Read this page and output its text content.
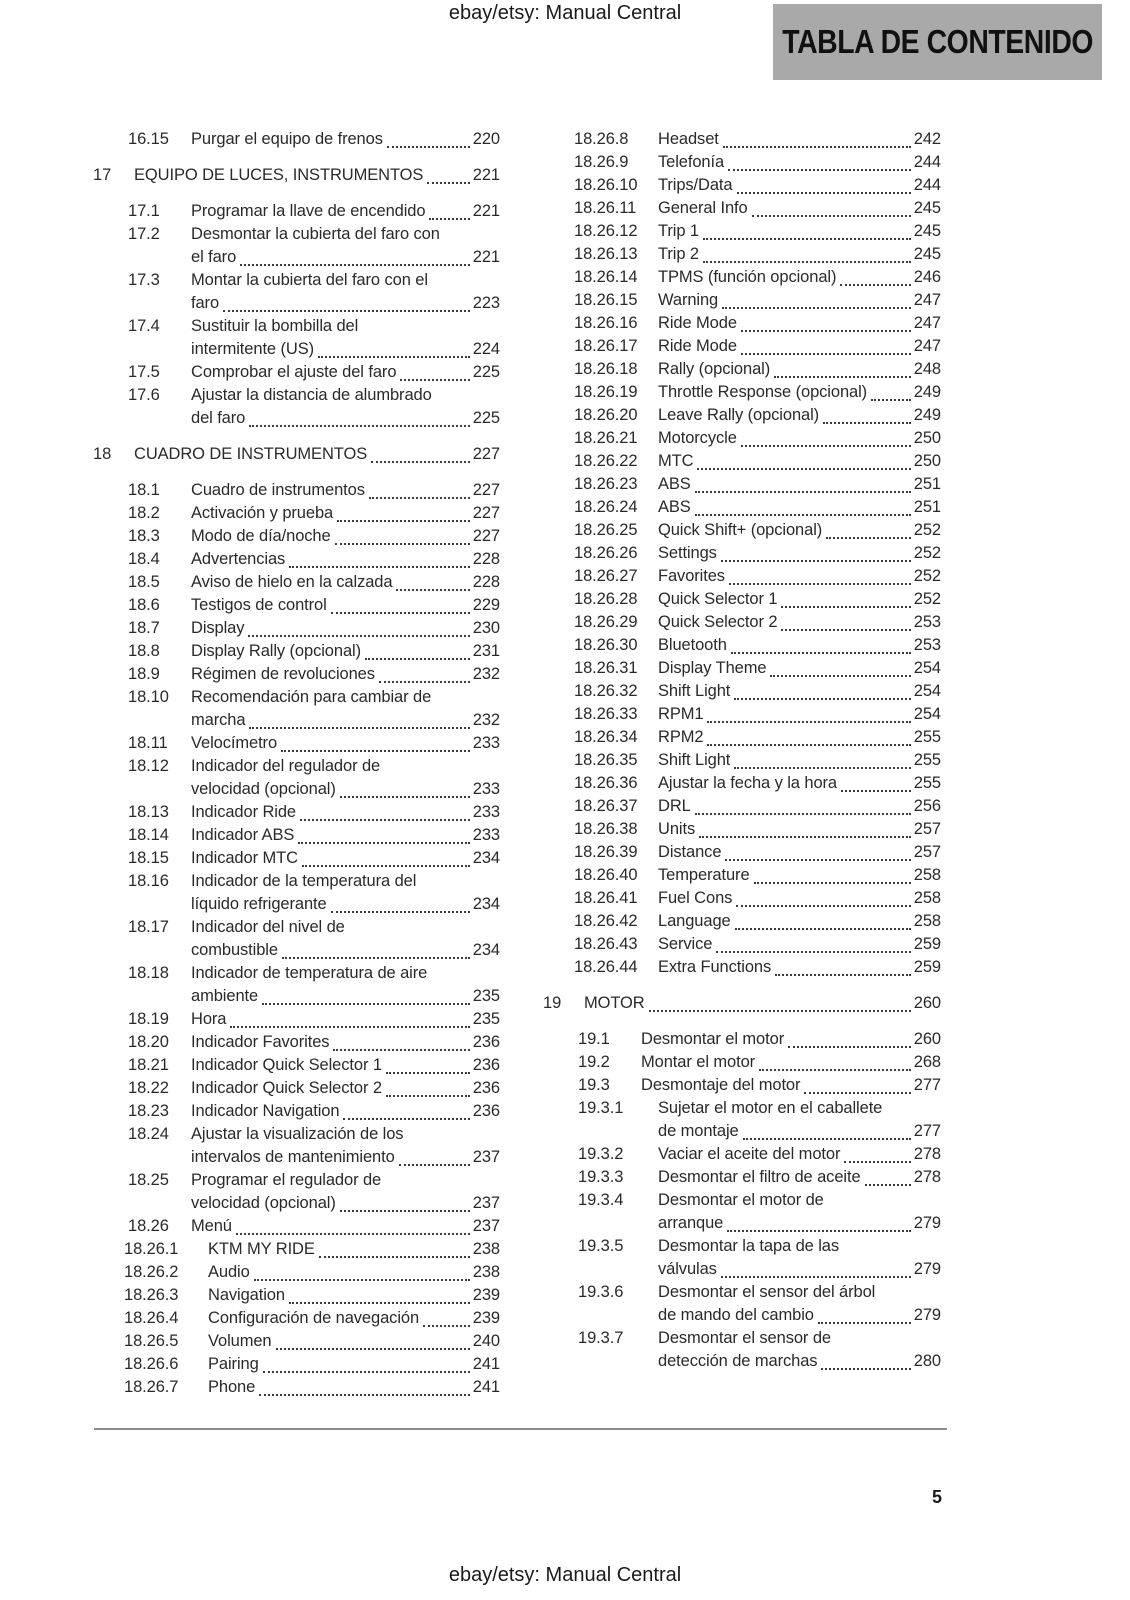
ebay/etsy: Manual Central
TABLA DE CONTENIDO
16.15	Purgar el equipo de frenos	220
17	EQUIPO DE LUCES, INSTRUMENTOS	221
17.1	Programar la llave de encendido	221
17.2	Desmontar la cubierta del faro con
el faro	221
17.3	Montar la cubierta del faro con el
faro	223
17.4	Sustituir la bombilla del
intermitente (US)	224
17.5	Comprobar el ajuste del faro	225
17.6	Ajustar la distancia de alumbrado
del faro	225
18	CUADRO DE INSTRUMENTOS	227
18.1	Cuadro de instrumentos	227
18.2	Activación y prueba	227
18.3	Modo de día/noche	227
18.4	Advertencias	228
18.5	Aviso de hielo en la calzada	228
18.6	Testigos de control	229
18.7	Display	230
18.8	Display Rally (opcional)	231
18.9	Régimen de revoluciones	232
18.10	Recomendación para cambiar de
marcha	232
18.11	Velocímetro	233
18.12	Indicador del regulador de
velocidad (opcional)	233
18.13	Indicador Ride	233
18.14	Indicador ABS	233
18.15	Indicador MTC	234
18.16	Indicador de la temperatura del
líquido refrigerante	234
18.17	Indicador del nivel de
combustible	234
18.18	Indicador de temperatura de aire
ambiente	235
18.19	Hora	235
18.20	Indicador Favorites	236
18.21	Indicador Quick Selector 1	236
18.22	Indicador Quick Selector 2	236
18.23	Indicador Navigation	236
18.24	Ajustar la visualización de los
intervalos de mantenimiento	237
18.25	Programar el regulador de
velocidad (opcional)	237
18.26	Menú	237
18.26.1	KTM MY RIDE	238
18.26.2	Audio	238
18.26.3	Navigation	239
18.26.4	Configuración de navegación	239
18.26.5	Volumen	240
18.26.6	Pairing	241
18.26.7	Phone	241
18.26.8	Headset	242
18.26.9	Telefonía	244
18.26.10	Trips/Data	244
18.26.11	General Info	245
18.26.12	Trip 1	245
18.26.13	Trip 2	245
18.26.14	TPMS (función opcional)	246
18.26.15	Warning	247
18.26.16	Ride Mode	247
18.26.17	Ride Mode	247
18.26.18	Rally (opcional)	248
18.26.19	Throttle Response (opcional)	249
18.26.20	Leave Rally (opcional)	249
18.26.21	Motorcycle	250
18.26.22	MTC	250
18.26.23	ABS	251
18.26.24	ABS	251
18.26.25	Quick Shift+ (opcional)	252
18.26.26	Settings	252
18.26.27	Favorites	252
18.26.28	Quick Selector 1	252
18.26.29	Quick Selector 2	253
18.26.30	Bluetooth	253
18.26.31	Display Theme	254
18.26.32	Shift Light	254
18.26.33	RPM1	254
18.26.34	RPM2	255
18.26.35	Shift Light	255
18.26.36	Ajustar la fecha y la hora	255
18.26.37	DRL	256
18.26.38	Units	257
18.26.39	Distance	257
18.26.40	Temperature	258
18.26.41	Fuel Cons	258
18.26.42	Language	258
18.26.43	Service	259
18.26.44	Extra Functions	259
19	MOTOR	260
19.1	Desmontar el motor	260
19.2	Montar el motor	268
19.3	Desmontaje del motor	277
19.3.1	Sujetar el motor en el caballete
de montaje	277
19.3.2	Vaciar el aceite del motor	278
19.3.3	Desmontar el filtro de aceite	278
19.3.4	Desmontar el motor de
arranque	279
19.3.5	Desmontar la tapa de las
válvulas	279
19.3.6	Desmontar el sensor del árbol
de mando del cambio	279
19.3.7	Desmontar el sensor de
detección de marchas	280
5
ebay/etsy: Manual Central
